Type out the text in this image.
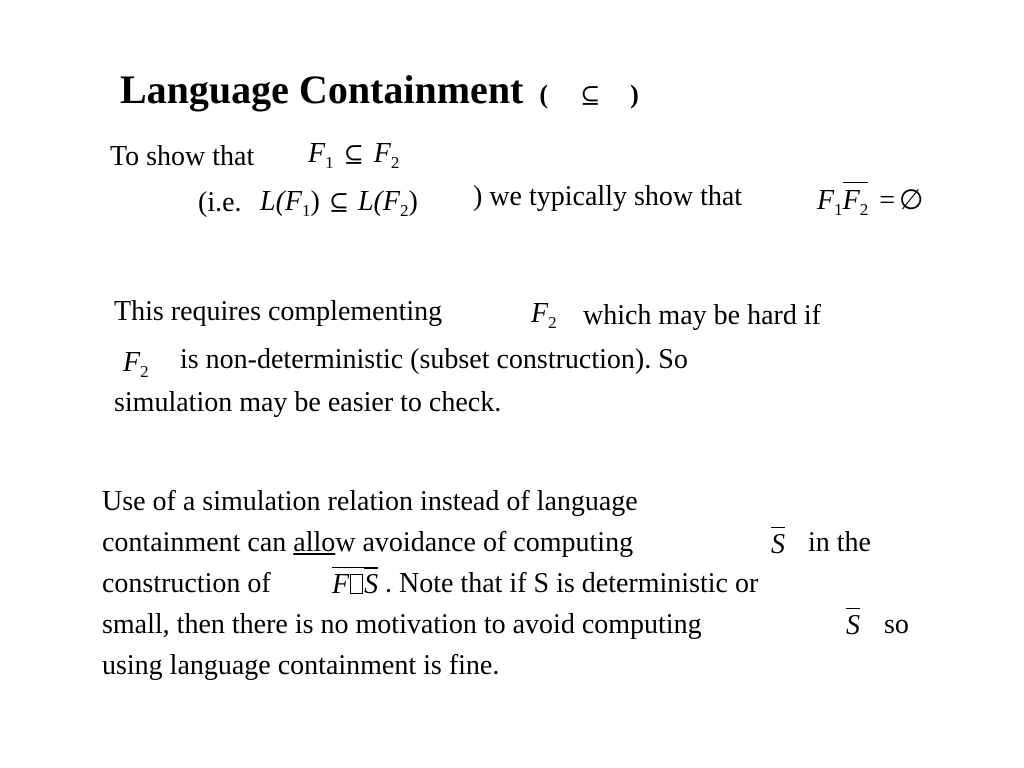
Language Containment ( ⊆ )
To show that $F_1$ ⊆ $F_2$
(i.e. $L(F_1)$ ⊆ $L(F_2)$ ) we typically show that	$F_1F_2$ = ∅
This requires complementing	$F_2$ which may be hard if
$F_2$ is non-deterministic (subset construction). So
simulation may be easier to check.
Use of a simulation relation instead of language
containment can allow avoidance of computing	S in the
construction of F S . Note that if S is deterministic or
small, then there is no motivation to avoid computing	S so
using language containment is fine.
